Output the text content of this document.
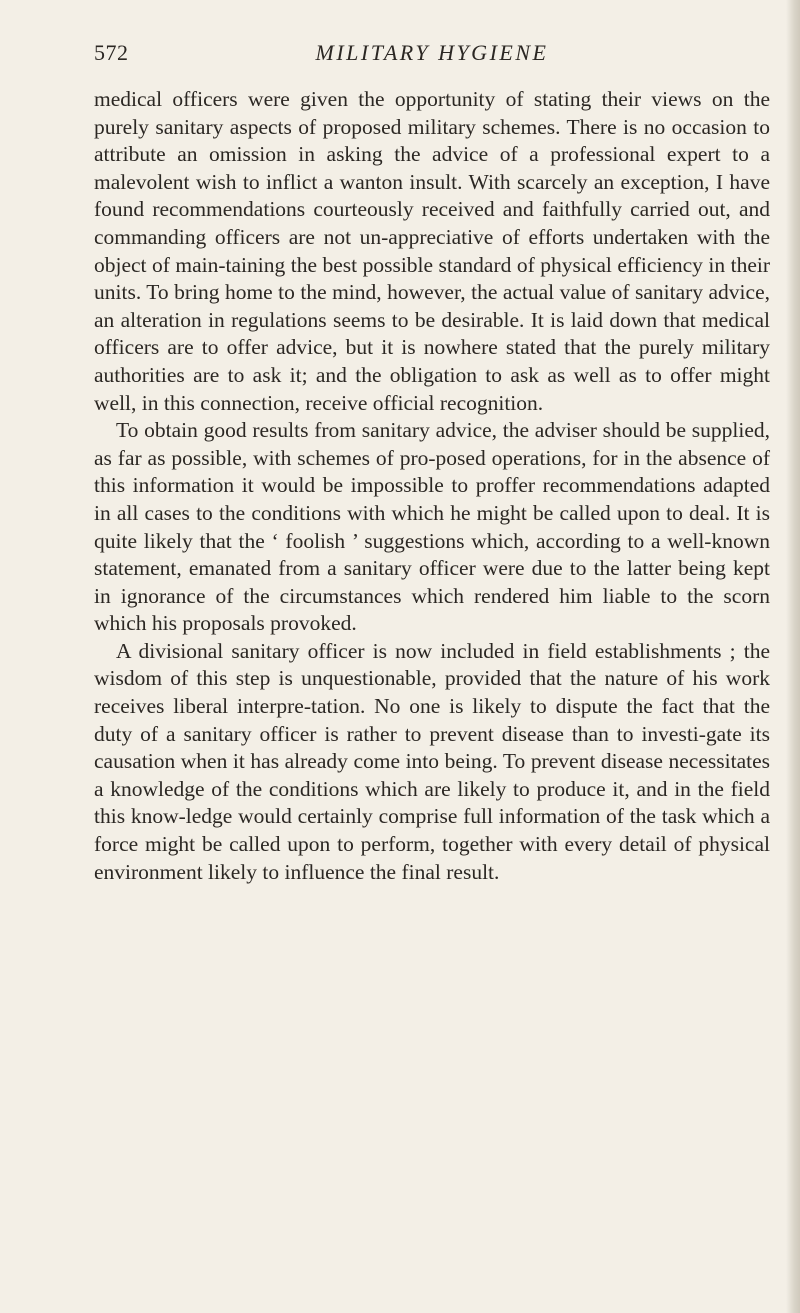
572	MILITARY HYGIENE

medical officers were given the opportunity of stating their views on the purely sanitary aspects of proposed military schemes. There is no occasion to attribute an omission in asking the advice of a professional expert to a malevolent wish to inflict a wanton insult. With scarcely an exception, I have found recommendations courteously received and faithfully carried out, and commanding officers are not un-appreciative of efforts undertaken with the object of main-taining the best possible standard of physical efficiency in their units. To bring home to the mind, however, the actual value of sanitary advice, an alteration in regulations seems to be desirable. It is laid down that medical officers are to offer advice, but it is nowhere stated that the purely military authorities are to ask it; and the obligation to ask as well as to offer might well, in this connection, receive official recognition.

To obtain good results from sanitary advice, the adviser should be supplied, as far as possible, with schemes of pro-posed operations, for in the absence of this information it would be impossible to proffer recommendations adapted in all cases to the conditions with which he might be called upon to deal. It is quite likely that the ‘ foolish ’ suggestions which, according to a well-known statement, emanated from a sanitary officer were due to the latter being kept in ignorance of the circumstances which rendered him liable to the scorn which his proposals provoked.

A divisional sanitary officer is now included in field establishments ; the wisdom of this step is unquestionable, provided that the nature of his work receives liberal interpre-tation. No one is likely to dispute the fact that the duty of a sanitary officer is rather to prevent disease than to investi-gate its causation when it has already come into being. To prevent disease necessitates a knowledge of the conditions which are likely to produce it, and in the field this know-ledge would certainly comprise full information of the task which a force might be called upon to perform, together with every detail of physical environment likely to influence the final result.
